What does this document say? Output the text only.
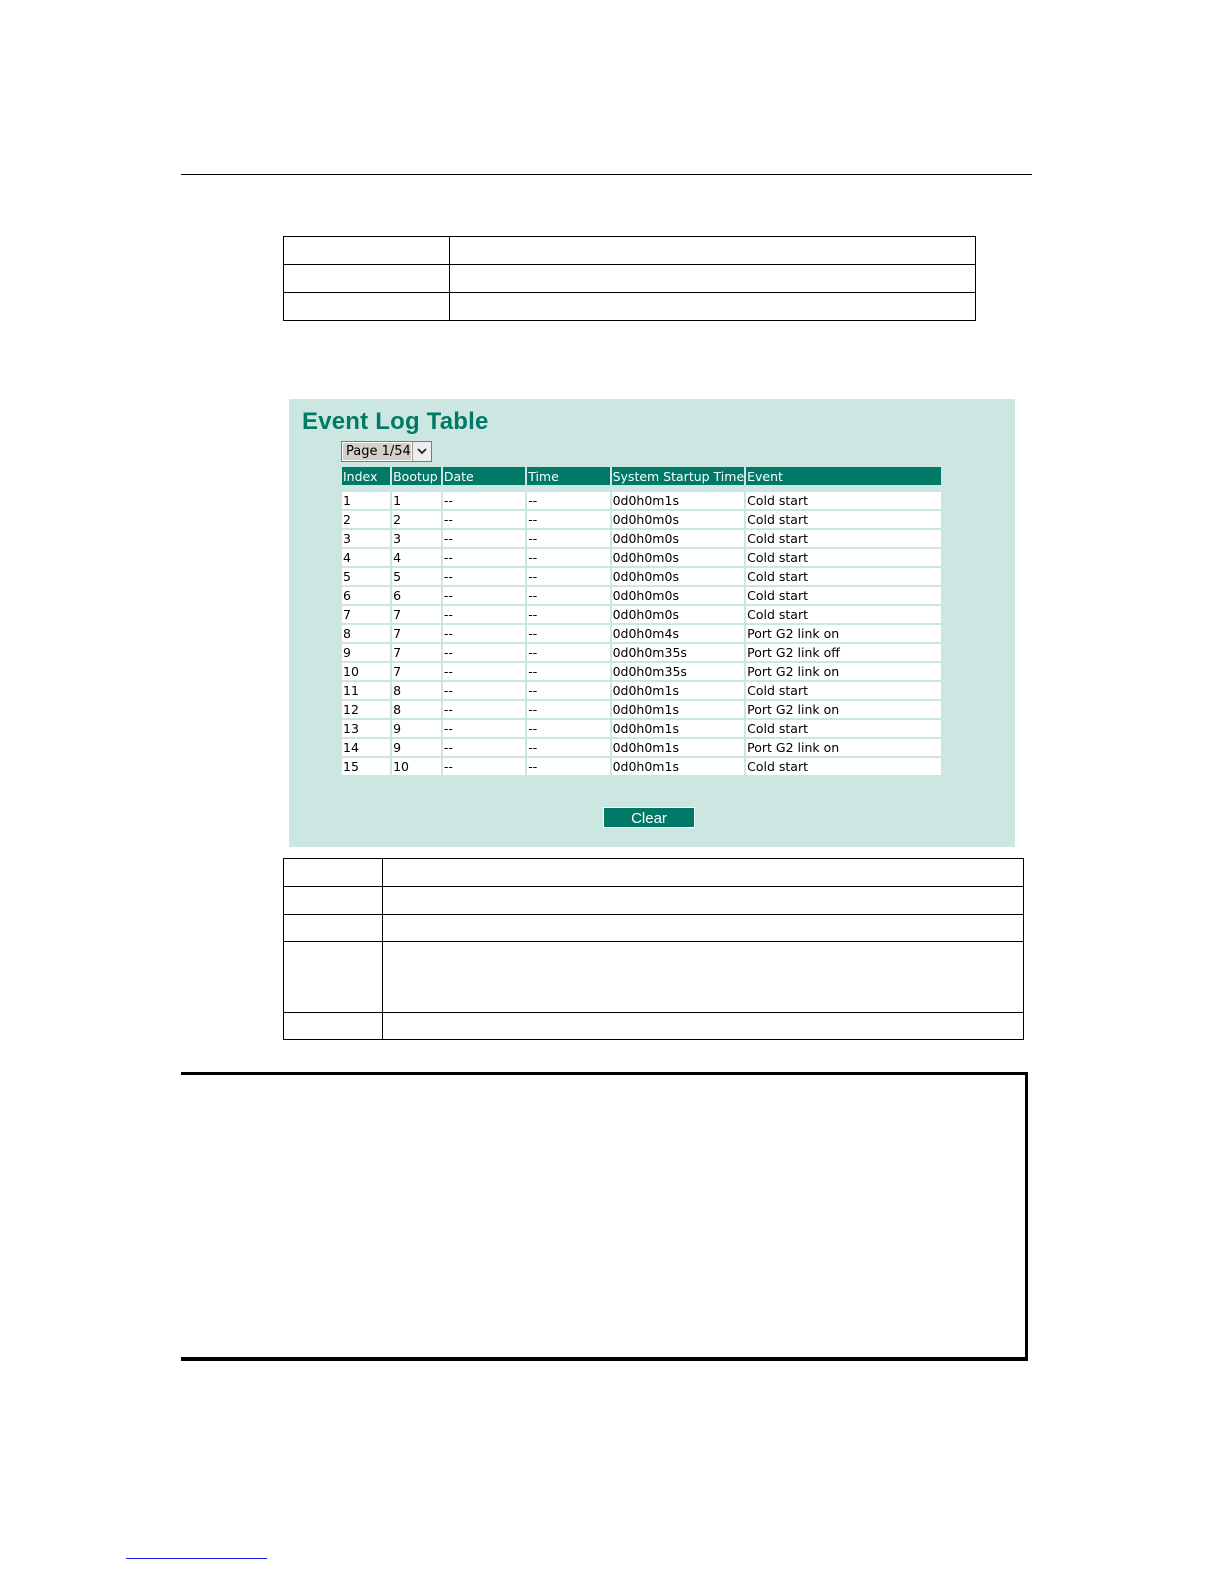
Event Log Table
Page 1/54
Index	Bootup	Date	Time	System Startup Time	Event

1	1	--	--	0d0h0m1s	Cold start
2	2	--	--	0d0h0m0s	Cold start
3	3	--	--	0d0h0m0s	Cold start
4	4	--	--	0d0h0m0s	Cold start
5	5	--	--	0d0h0m0s	Cold start
6	6	--	--	0d0h0m0s	Cold start
7	7	--	--	0d0h0m0s	Cold start
8	7	--	--	0d0h0m4s	Port G2 link on
9	7	--	--	0d0h0m35s	Port G2 link off
10	7	--	--	0d0h0m35s	Port G2 link on
11	8	--	--	0d0h0m1s	Cold start
12	8	--	--	0d0h0m1s	Port G2 link on
13	9	--	--	0d0h0m1s	Cold start
14	9	--	--	0d0h0m1s	Port G2 link on
15	10	--	--	0d0h0m1s	Cold start
Clear
